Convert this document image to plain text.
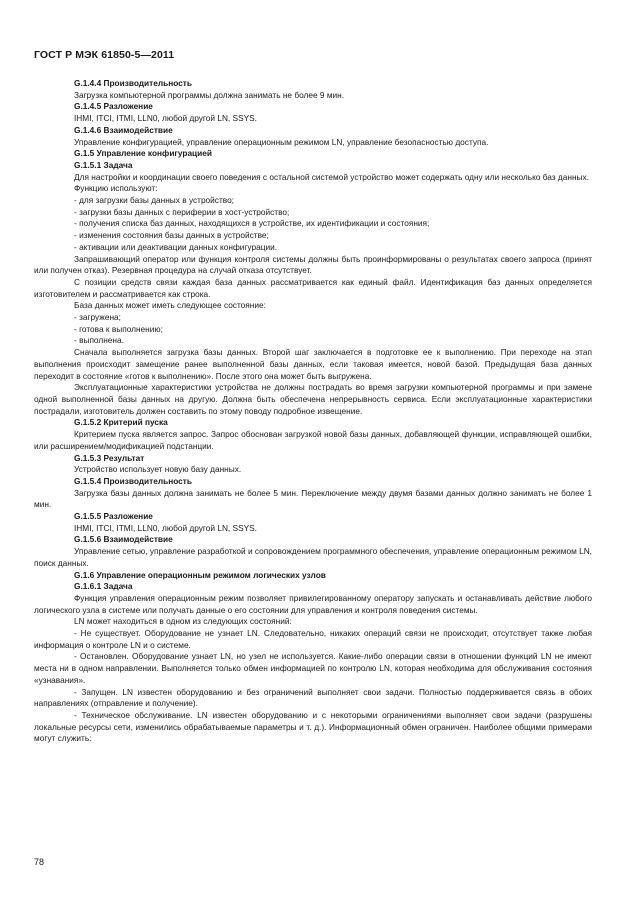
ГОСТ Р МЭК 61850-5—2011

G.1.4.4 Производительность

Загрузка компьютерной программы должна занимать не более 9 мин.

G.1.4.5 Разложение

IHMI, ITCI, ITMI, LLN0, любой другой LN, SSYS.

G.1.4.6 Взаимодействие

Управление конфигурацией, управление операционным режимом LN, управление безопасностью доступа.

G.1.5 Управление конфигурацией

G.1.5.1 Задача

Для настройки и координации своего поведения с остальной системой устройство может содержать одну или несколько баз данных.

Функцию используют:

- для загрузки базы данных в устройство;

- загрузки базы данных с периферии в хост-устройство;

- получения списка баз данных, находящихся в устройстве, их идентификации и состояния;

- изменения состояния базы данных в устройстве;

- активации или деактивации данных конфигурации.

Запрашивающий оператор или функция контроля системы должны быть проинформированы о результатах своего запроса (принят или получен отказ). Резервная процедура на случай отказа отсутствует.

С позиции средств связи каждая база данных рассматривается как единый файл. Идентификация баз данных определяется изготовителем и рассматривается как строка.

База данных может иметь следующее состояние:

- загружена;

- готова к выполнению;

- выполнена.

Сначала выполняется загрузка базы данных. Второй шаг заключается в подготовке ее к выполнению. При переходе на этап выполнения происходит замещение ранее выполненной базы данных, если таковая имеется, новой базой. Предыдущая база данных переходит в состояние «готов к выполнению». После этого она может быть выгружена.

Эксплуатационные характеристики устройства не должны пострадать во время загрузки компьютерной программы и при замене одной выполненной базы данных на другую. Должна быть обеспечена непрерывность сервиса. Если эксплуатационные характеристики пострадали, изготовитель должен составить по этому поводу подробное извещение.

G.1.5.2 Критерий пуска

Критерием пуска является запрос. Запрос обоснован загрузкой новой базы данных, добавляющей функции, исправляющей ошибки, или расширением/модификацией подстанции.

G.1.5.3 Результат

Устройство использует новую базу данных.

G.1.5.4 Производительность

Загрузка базы данных должна занимать не более 5 мин. Переключение между двумя базами данных должно занимать не более 1 мин.

G.1.5.5 Разложение

IHMI, ITCI, ITMI, LLN0, любой другой LN, SSYS.

G.1.5.6 Взаимодействие

Управление сетью, управление разработкой и сопровождением программного обеспечения, управление операционным режимом LN, поиск данных.

G.1.6 Управление операционным режимом логических узлов

G.1.6.1 Задача

Функция управления операционным режим позволяет привилегированному оператору запускать и останавливать действие любого логического узла в системе или получать данные о его состоянии для управления и контроля поведения системы.

LN может находиться в одном из следующих состояний:

- Не существует. Оборудование не узнает LN. Следовательно, никаких операций связи не происходит, отсутствует также любая информация о контроле LN и о системе.

- Остановлен. Оборудование узнает LN, но узел не используется. Какие-либо операции связи в отношении функций LN не имеют места ни в одном направлении. Выполняется только обмен информацией по контролю LN, которая необходима для обслуживания состояния «узнавания».

- Запущен. LN известен оборудованию и без ограничений выполняет свои задачи. Полностью поддерживается связь в обоих направлениях (отправление и получение).

- Техническое обслуживание. LN известен оборудованию и с некоторыми ограничениями выполняет свои задачи (разрушены локальные ресурсы сети, изменились обрабатываемые параметры и т. д.). Информационный обмен ограничен. Наиболее общими примерами могут служить:

78
